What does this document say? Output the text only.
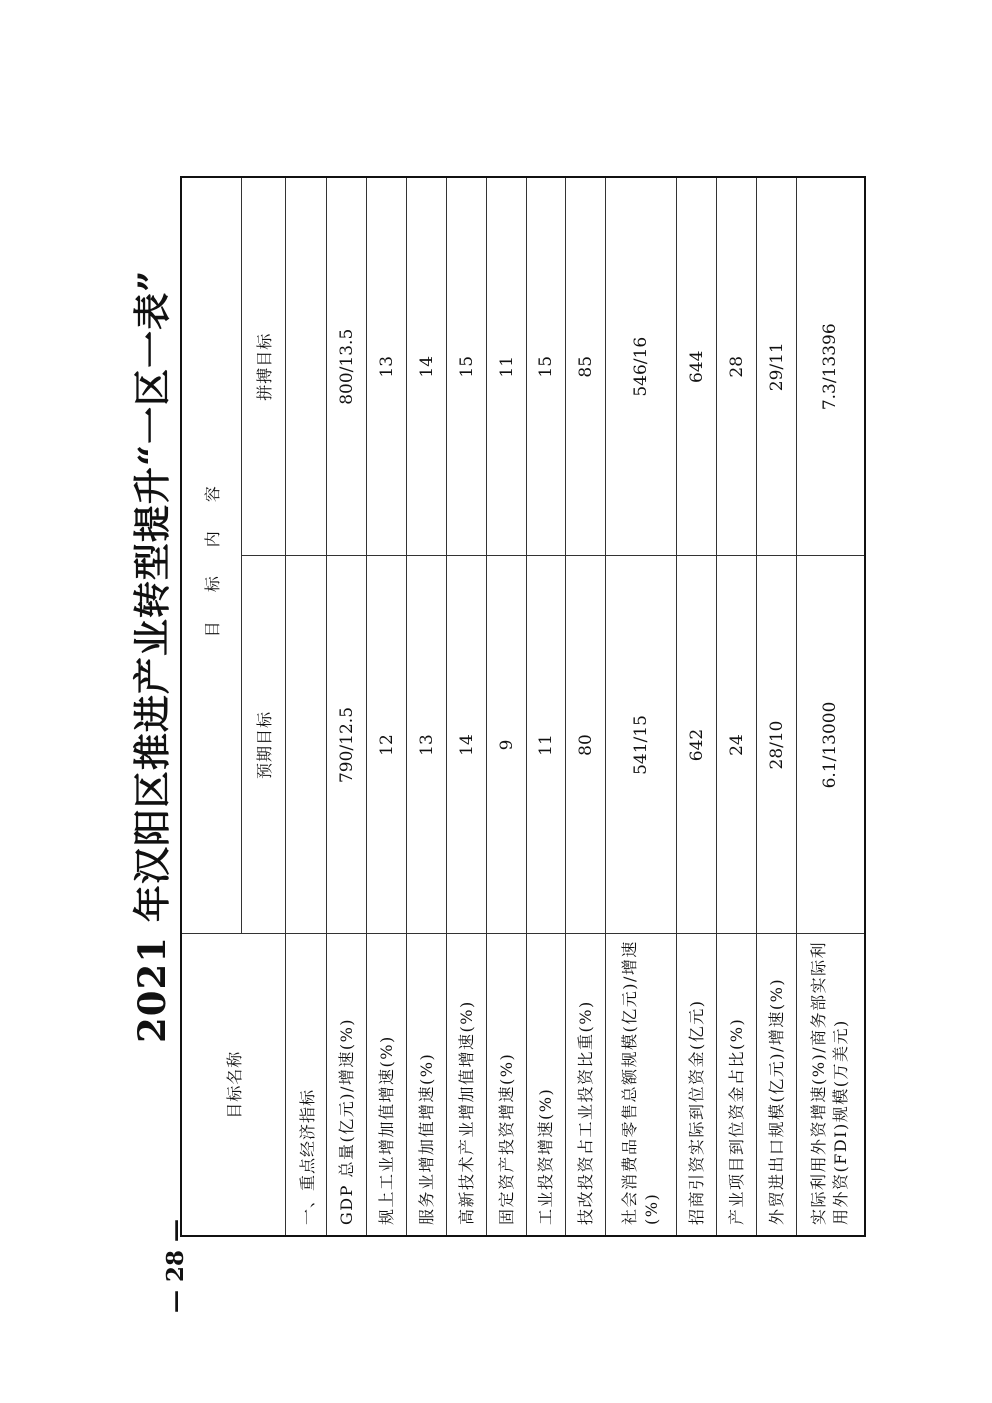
2021 年汉阳区推进产业转型提升“一区一表”
— 28 —
目标名称	目 标 内 容	
	预期目标	拼搏目标
一、重点经济指标		
GDP 总量(亿元)/增速(%)	790/12.5	800/13.5
规上工业增加值增速(%)	12	13
服务业增加值增速(%)	13	14
高新技术产业增加值增速(%)	14	15
固定资产投资增速(%)	9	11
工业投资增速(%)	11	15
技改投资占工业投资比重(%)	80	85
社会消费品零售总额规模(亿元)/增速(%)	541/15	546/16
招商引资实际到位资金(亿元)	642	644
产业项目到位资金占比(%)	24	28
外贸进出口规模(亿元)/增速(%)	28/10	29/11
实际利用外资增速(%)/商务部实际利用外资(FDI)规模(万美元)	6.1/13000	7.3/13396
